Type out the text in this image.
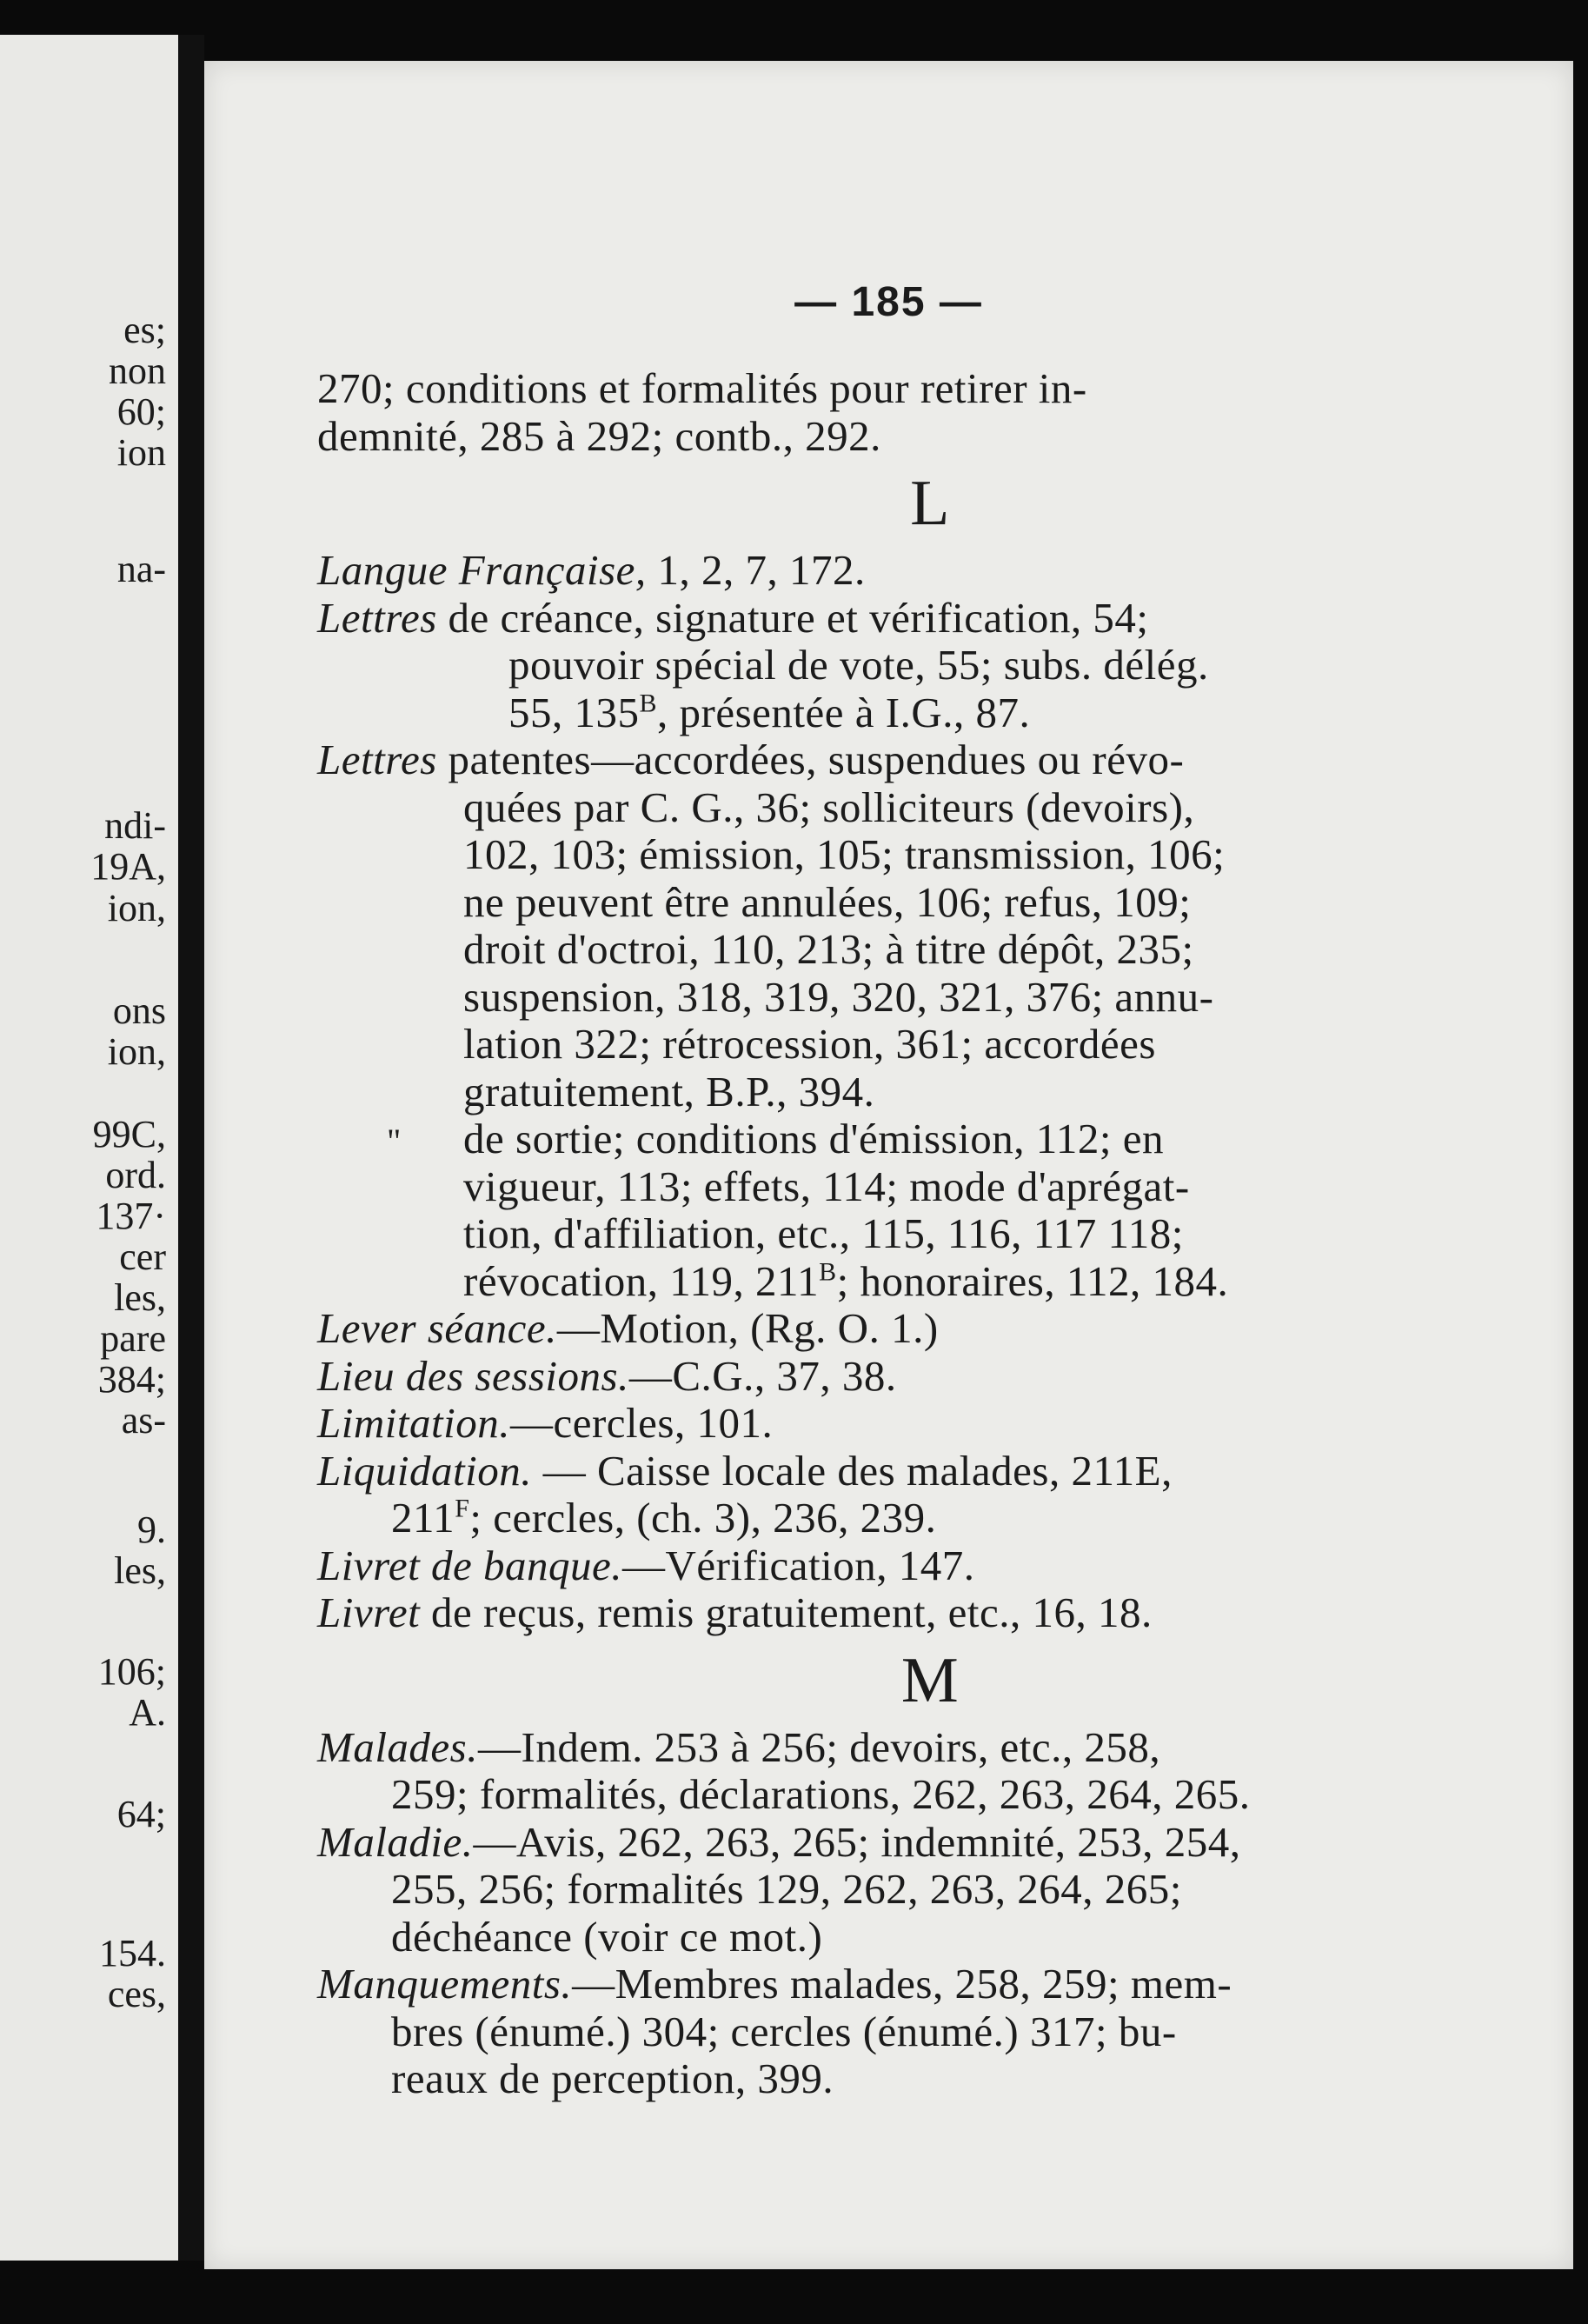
es;
non
60;
ion
na-
ndi-
19A,
ion,
ons
ion,
99C,
ord.
137·
cer
les,
pare
384;
as-
9.
les,
106;
A.
64;
154.
ces,
— 185 —
270; conditions et formalités pour retirer in-
demnité, 285 à 292; contb., 292.
L
Langue Française, 1, 2, 7, 172.
Lettres de créance, signature et vérification, 54;
pouvoir spécial de vote, 55; subs. délég.
55, $135^B$, présentée à I.G., 87.
Lettres patentes—accordées, suspendues ou révo-
quées par C. G., 36; solliciteurs (devoirs),
102, 103; émission, 105; transmission, 106;
ne peuvent être annulées, 106; refus, 109;
droit d'octroi, 110, 213; à titre dépôt, 235;
suspension, 318, 319, 320, 321, 376; annu-
lation 322; rétrocession, 361; accordées
gratuitement, B.P., 394.
" de sortie; conditions d'émission, 112; en
vigueur, 113; effets, 114; mode d'aprégat-
tion, d'affiliation, etc., 115, 116, 117 118;
révocation, 119, $211^B$; honoraires, 112, 184.
Lever séance.—Motion, (Rg. O. 1.)
Lieu des sessions.—C.G., 37, 38.
Limitation.—cercles, 101.
Liquidation. — Caisse locale des malades, 211E,
$211^F$; cercles, (ch. 3), 236, 239.
Livret de banque.—Vérification, 147.
Livret de reçus, remis gratuitement, etc., 16, 18.
M
Malades.—Indem. 253 à 256; devoirs, etc., 258,
259; formalités, déclarations, 262, 263, 264, 265.
Maladie.—Avis, 262, 263, 265; indemnité, 253, 254,
255, 256; formalités 129, 262, 263, 264, 265;
déchéance (voir ce mot.)
Manquements.—Membres malades, 258, 259; mem-
bres (énumé.) 304; cercles (énumé.) 317; bu-
reaux de perception, 399.
